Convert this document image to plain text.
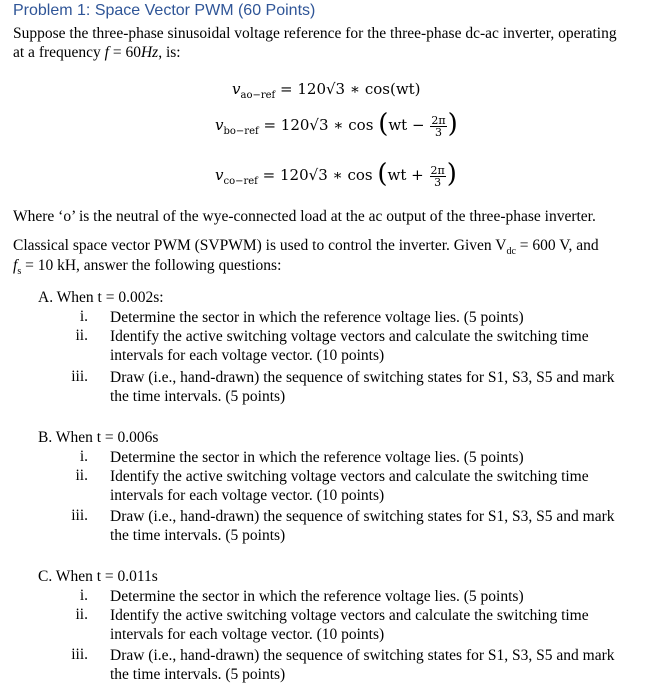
Problem 1: Space Vector PWM (60 Points)
Suppose the three-phase sinusoidal voltage reference for the three-phase dc-ac inverter, operating
at a frequency f = 60Hz, is:
$v_{ao-ref} = 120√3$ ∗ cos(wt)
$v_{bo-ref} = 120√3$ ∗ $\cos (wt - \frac{2\pi}{3}$ )
$v_{co-ref} = 120√3$ ∗ $\cos (wt + \frac{2\pi}{3}$ )
Where ‘o’ is the neutral of the wye-connected load at the ac output of the three-phase inverter.
Classical space vector PWM (SVPWM) is used to control the inverter. Given $V_{dc} = 600$ V, and
$f_s = 10$ kH, answer the following questions:
A. When t = 0.002s:
i. Determine the sector in which the reference voltage lies. (5 points)
ii. Identify the active switching voltage vectors and calculate the switching time
intervals for each voltage vector. (10 points)
iii. Draw (i.e., hand-drawn) the sequence of switching states for S1, S3, S5 and mark
the time intervals. (5 points)
B. When t = 0.006s
i. Determine the sector in which the reference voltage lies. (5 points)
ii. Identify the active switching voltage vectors and calculate the switching time
intervals for each voltage vector. (10 points)
iii. Draw (i.e., hand-drawn) the sequence of switching states for S1, S3, S5 and mark
the time intervals. (5 points)
C. When t = 0.011s
i. Determine the sector in which the reference voltage lies. (5 points)
ii. Identify the active switching voltage vectors and calculate the switching time
intervals for each voltage vector. (10 points)
iii. Draw (i.e., hand-drawn) the sequence of switching states for S1, S3, S5 and mark
the time intervals. (5 points)
